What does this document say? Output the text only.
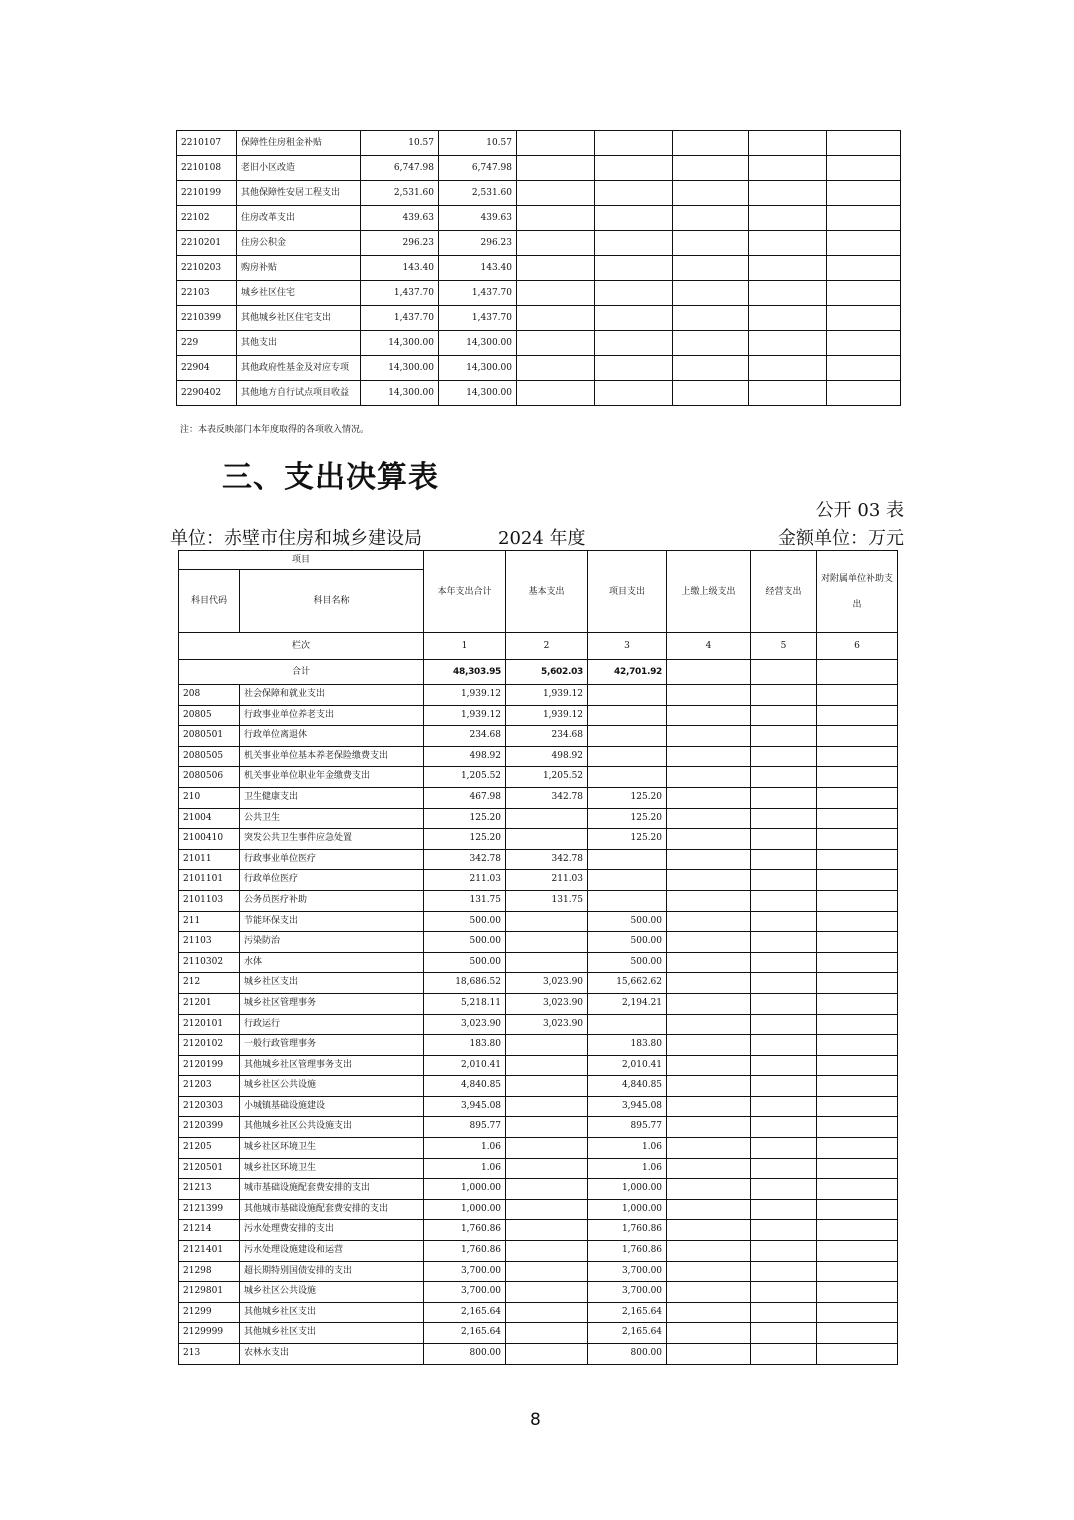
2210107	保障性住房租金补贴	10.57	10.57					
2210108	老旧小区改造	6,747.98	6,747.98					
2210199	其他保障性安居工程支出	2,531.60	2,531.60					
22102	住房改革支出	439.63	439.63					
2210201	住房公积金	296.23	296.23					
2210203	购房补贴	143.40	143.40					
22103	城乡社区住宅	1,437.70	1,437.70					
2210399	其他城乡社区住宅支出	1,437.70	1,437.70					
229	其他支出	14,300.00	14,300.00					
22904	其他政府性基金及对应专项	14,300.00	14,300.00					
2290402	其他地方自行试点项目收益	14,300.00	14,300.00					
注：本表反映部门本年度取得的各项收入情况。
三、支出决算表
公开 03 表
单位：赤壁市住房和城乡建设局	2024 年度	金额单位：万元
项目		本年支出合计	基本支出	项目支出	上缴上级支出	经营支出	对附属单位补助支出
科目代码	科目名称						
栏次		1	2	3	4	5	6
合计		48,303.95	5,602.03	42,701.92			
208	社会保障和就业支出	1,939.12	1,939.12				
20805	行政事业单位养老支出	1,939.12	1,939.12				
2080501	行政单位离退休	234.68	234.68				
2080505	机关事业单位基本养老保险缴费支出	498.92	498.92				
2080506	机关事业单位职业年金缴费支出	1,205.52	1,205.52				
210	卫生健康支出	467.98	342.78	125.20			
21004	公共卫生	125.20		125.20			
2100410	突发公共卫生事件应急处置	125.20		125.20			
21011	行政事业单位医疗	342.78	342.78				
2101101	行政单位医疗	211.03	211.03				
2101103	公务员医疗补助	131.75	131.75				
211	节能环保支出	500.00		500.00			
21103	污染防治	500.00		500.00			
2110302	水体	500.00		500.00			
212	城乡社区支出	18,686.52	3,023.90	15,662.62			
21201	城乡社区管理事务	5,218.11	3,023.90	2,194.21			
2120101	行政运行	3,023.90	3,023.90				
2120102	一般行政管理事务	183.80		183.80			
2120199	其他城乡社区管理事务支出	2,010.41		2,010.41			
21203	城乡社区公共设施	4,840.85		4,840.85			
2120303	小城镇基础设施建设	3,945.08		3,945.08			
2120399	其他城乡社区公共设施支出	895.77		895.77			
21205	城乡社区环境卫生	1.06		1.06			
2120501	城乡社区环境卫生	1.06		1.06			
21213	城市基础设施配套费安排的支出	1,000.00		1,000.00			
2121399	其他城市基础设施配套费安排的支出	1,000.00		1,000.00			
21214	污水处理费安排的支出	1,760.86		1,760.86			
2121401	污水处理设施建设和运营	1,760.86		1,760.86			
21298	超长期特别国债安排的支出	3,700.00		3,700.00			
2129801	城乡社区公共设施	3,700.00		3,700.00			
21299	其他城乡社区支出	2,165.64		2,165.64			
2129999	其他城乡社区支出	2,165.64		2,165.64			
213	农林水支出	800.00		800.00			
8
